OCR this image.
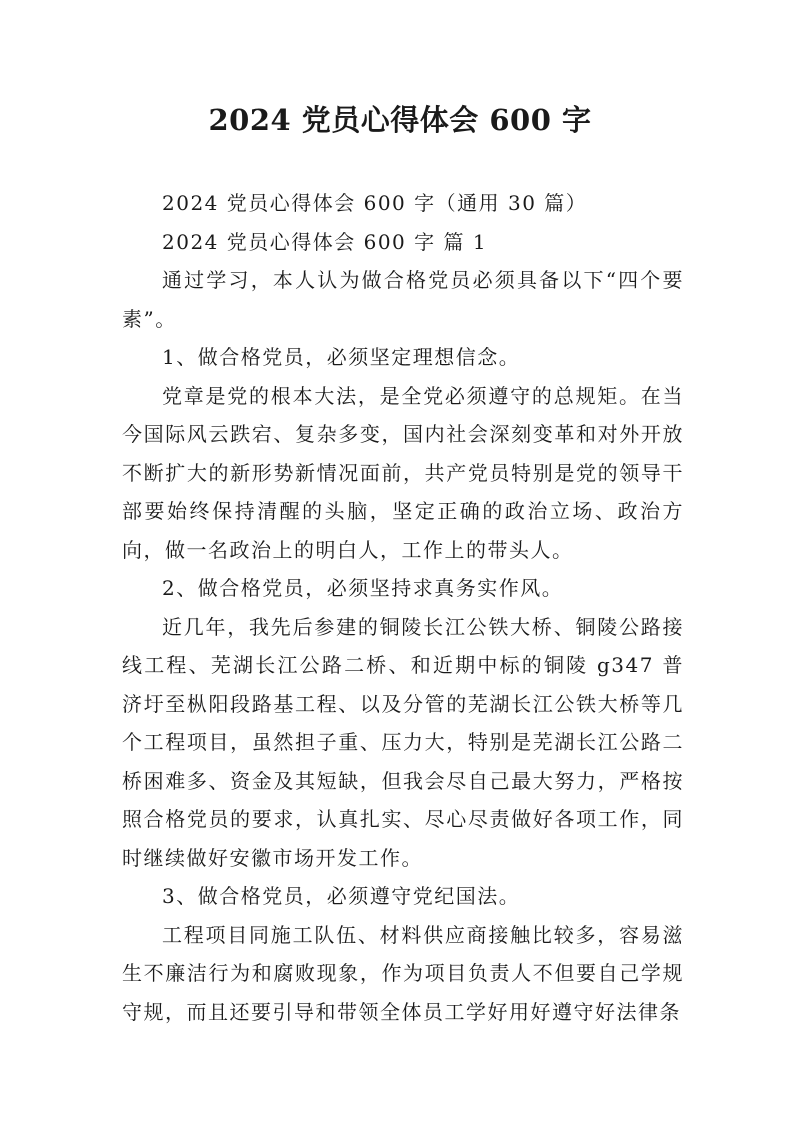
2024 党员心得体会 600 字

2024 党员心得体会 600 字（通用 30 篇）

2024 党员心得体会 600 字 篇 1

通过学习，本人认为做合格党员必须具备以下“四个要素”。

1、做合格党员，必须坚定理想信念。

党章是党的根本大法，是全党必须遵守的总规矩。在当今国际风云跌宕、复杂多变，国内社会深刻变革和对外开放不断扩大的新形势新情况面前，共产党员特别是党的领导干部要始终保持清醒的头脑，坚定正确的政治立场、政治方向，做一名政治上的明白人，工作上的带头人。

2、做合格党员，必须坚持求真务实作风。

近几年，我先后参建的铜陵长江公铁大桥、铜陵公路接线工程、芜湖长江公路二桥、和近期中标的铜陵 g347 普济圩至枞阳段路基工程、以及分管的芜湖长江公铁大桥等几个工程项目，虽然担子重、压力大，特别是芜湖长江公路二桥困难多、资金及其短缺，但我会尽自己最大努力，严格按照合格党员的要求，认真扎实、尽心尽责做好各项工作，同时继续做好安徽市场开发工作。

3、做合格党员，必须遵守党纪国法。

工程项目同施工队伍、材料供应商接触比较多，容易滋生不廉洁行为和腐败现象，作为项目负责人不但要自己学规守规，而且还要引导和带领全体员工学好用好遵守好法律条
